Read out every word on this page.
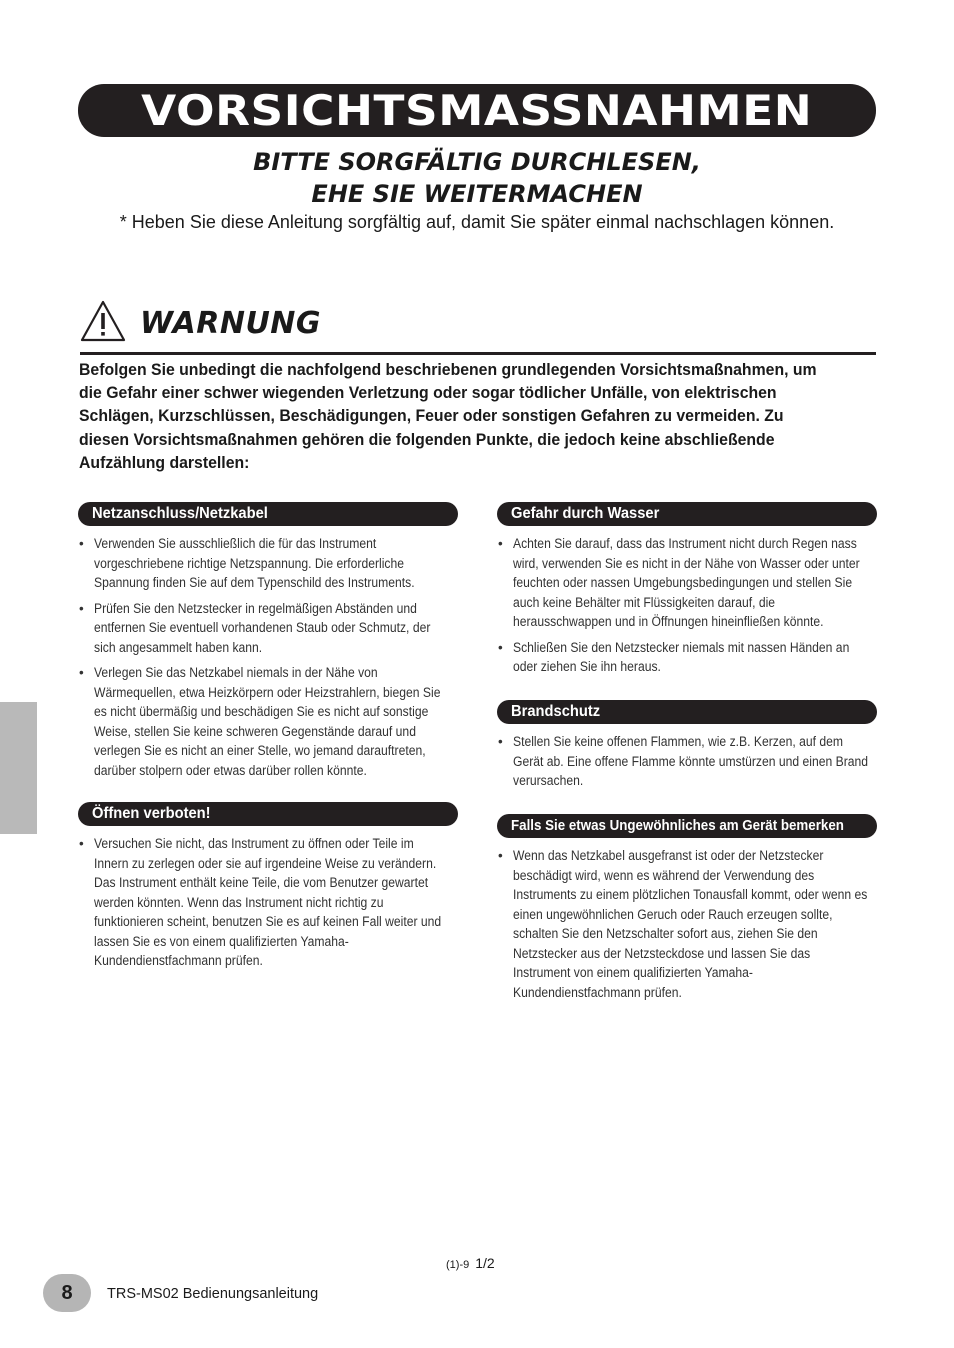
VORSICHTSMASSNAHMEN
BITTE SORGFÄLTIG DURCHLESEN,
EHE SIE WEITERMACHEN
* Heben Sie diese Anleitung sorgfältig auf, damit Sie später einmal nachschlagen können.
WARNUNG

Befolgen Sie unbedingt die nachfolgend beschriebenen grundlegenden Vorsichtsmaßnahmen, um die Gefahr einer schwer wiegenden Verletzung oder sogar tödlicher Unfälle, von elektrischen Schlägen, Kurzschlüssen, Beschädigungen, Feuer oder sonstigen Gefahren zu vermeiden. Zu diesen Vorsichtsmaßnahmen gehören die folgenden Punkte, die jedoch keine abschließende Aufzählung darstellen:

Netzanschluss/Netzkabel
• Verwenden Sie ausschließlich die für das Instrument vorgeschriebene richtige Netzspannung. Die erforderliche Spannung finden Sie auf dem Typenschild des Instruments.
• Prüfen Sie den Netzstecker in regelmäßigen Abständen und entfernen Sie eventuell vorhandenen Staub oder Schmutz, der sich angesammelt haben kann.
• Verlegen Sie das Netzkabel niemals in der Nähe von Wärmequellen, etwa Heizkörpern oder Heizstrahlern, biegen Sie es nicht übermäßig und beschädigen Sie es nicht auf sonstige Weise, stellen Sie keine schweren Gegenstände darauf und verlegen Sie es nicht an einer Stelle, wo jemand darauftreten, darüber stolpern oder etwas darüber rollen könnte.
Öffnen verboten!
• Versuchen Sie nicht, das Instrument zu öffnen oder Teile im Innern zu zerlegen oder sie auf irgendeine Weise zu verändern. Das Instrument enthält keine Teile, die vom Benutzer gewartet werden könnten. Wenn das Instrument nicht richtig zu funktionieren scheint, benutzen Sie es auf keinen Fall weiter und lassen Sie es von einem qualifizierten Yamaha-Kundendienstfachmann prüfen.
Gefahr durch Wasser
• Achten Sie darauf, dass das Instrument nicht durch Regen nass wird, verwenden Sie es nicht in der Nähe von Wasser oder unter feuchten oder nassen Umgebungsbedingungen und stellen Sie auch keine Behälter mit Flüssigkeiten darauf, die herausschwappen und in Öffnungen hineinfließen könnte.
• Schließen Sie den Netzstecker niemals mit nassen Händen an oder ziehen Sie ihn heraus.
Brandschutz
• Stellen Sie keine offenen Flammen, wie z.B. Kerzen, auf dem Gerät ab. Eine offene Flamme könnte umstürzen und einen Brand verursachen.
Falls Sie etwas Ungewöhnliches am Gerät bemerken
• Wenn das Netzkabel ausgefranst ist oder der Netzstecker beschädigt wird, wenn es während der Verwendung des Instruments zu einem plötzlichen Tonausfall kommt, oder wenn es einen ungewöhnlichen Geruch oder Rauch erzeugen sollte, schalten Sie den Netzschalter sofort aus, ziehen Sie den Netzstecker aus der Netzsteckdose und lassen Sie das Instrument von einem qualifizierten Yamaha-Kundendienstfachmann prüfen.
(1)-9 1/2
8 TRS-MS02 Bedienungsanleitung
